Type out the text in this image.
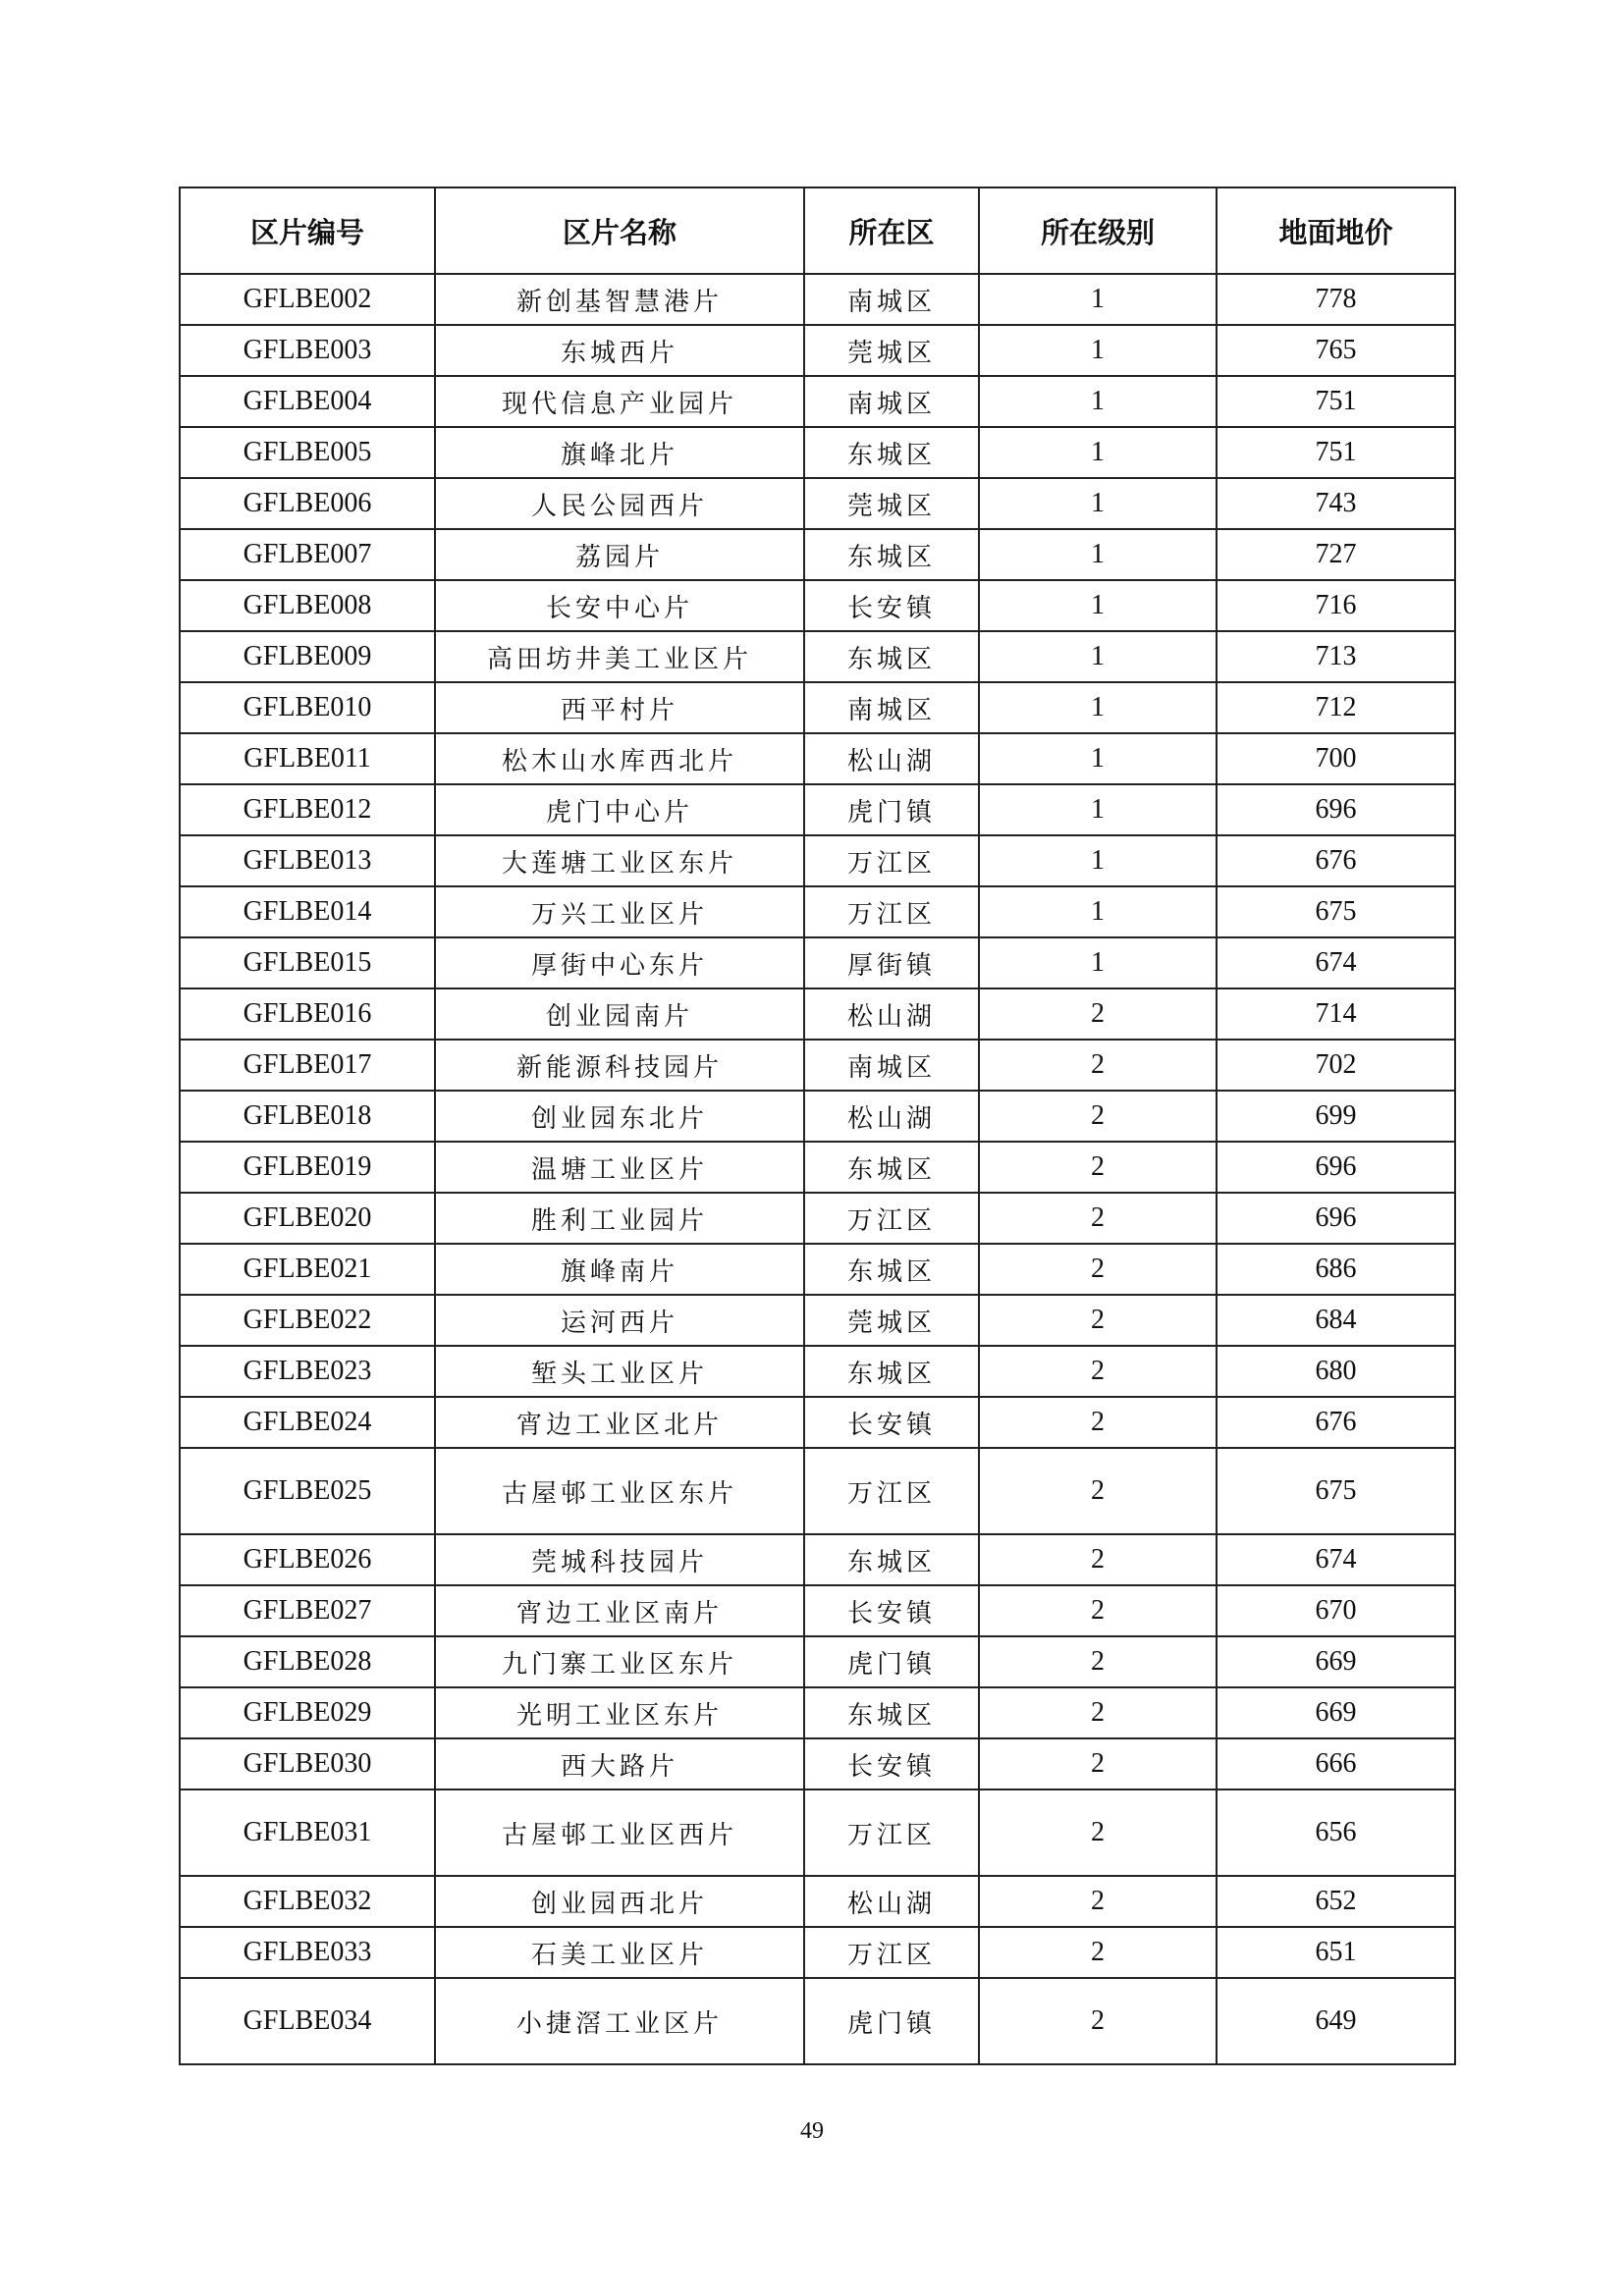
区片编号	区片名称	所在区	所在级别	地面地价
GFLBE002	新创基智慧港片	南城区	1	778
GFLBE003	东城西片	莞城区	1	765
GFLBE004	现代信息产业园片	南城区	1	751
GFLBE005	旗峰北片	东城区	1	751
GFLBE006	人民公园西片	莞城区	1	743
GFLBE007	荔园片	东城区	1	727
GFLBE008	长安中心片	长安镇	1	716
GFLBE009	高田坊井美工业区片	东城区	1	713
GFLBE010	西平村片	南城区	1	712
GFLBE011	松木山水库西北片	松山湖	1	700
GFLBE012	虎门中心片	虎门镇	1	696
GFLBE013	大莲塘工业区东片	万江区	1	676
GFLBE014	万兴工业区片	万江区	1	675
GFLBE015	厚街中心东片	厚街镇	1	674
GFLBE016	创业园南片	松山湖	2	714
GFLBE017	新能源科技园片	南城区	2	702
GFLBE018	创业园东北片	松山湖	2	699
GFLBE019	温塘工业区片	东城区	2	696
GFLBE020	胜利工业园片	万江区	2	696
GFLBE021	旗峰南片	东城区	2	686
GFLBE022	运河西片	莞城区	2	684
GFLBE023	堑头工业区片	东城区	2	680
GFLBE024	宵边工业区北片	长安镇	2	676
GFLBE025	古屋邨工业区东片	万江区	2	675
GFLBE026	莞城科技园片	东城区	2	674
GFLBE027	宵边工业区南片	长安镇	2	670
GFLBE028	九门寨工业区东片	虎门镇	2	669
GFLBE029	光明工业区东片	东城区	2	669
GFLBE030	西大路片	长安镇	2	666
GFLBE031	古屋邨工业区西片	万江区	2	656
GFLBE032	创业园西北片	松山湖	2	652
GFLBE033	石美工业区片	万江区	2	651
GFLBE034	小捷滘工业区片	虎门镇	2	649
49
